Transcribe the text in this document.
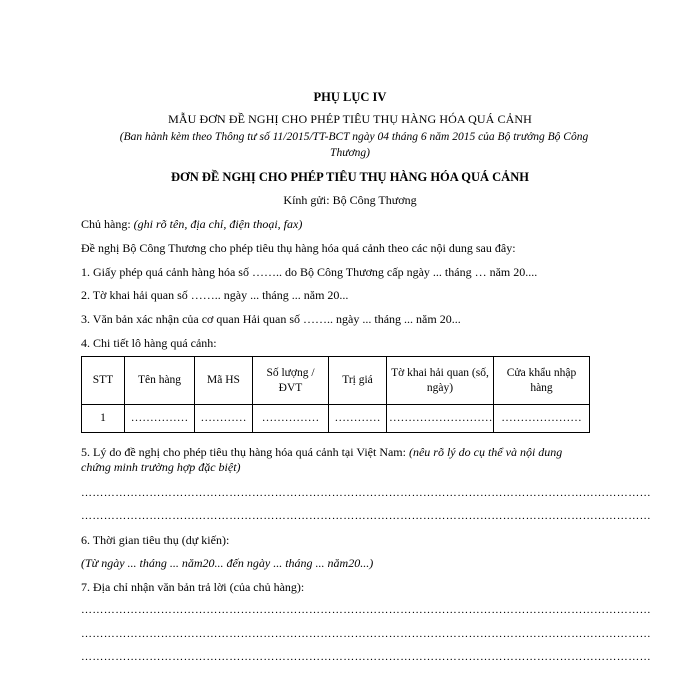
PHỤ LỤC IV
MẪU ĐƠN ĐỀ NGHỊ CHO PHÉP TIÊU THỤ HÀNG HÓA QUÁ CẢNH
(Ban hành kèm theo Thông tư số 11/2015/TT-BCT ngày 04 tháng 6 năm 2015 của Bộ trưởng Bộ Công
Thương)
ĐƠN ĐỀ NGHỊ CHO PHÉP TIÊU THỤ HÀNG HÓA QUÁ CẢNH
Kính gửi: Bộ Công Thương
Chủ hàng: (ghi rõ tên, địa chỉ, điện thoại, fax)
Đề nghị Bộ Công Thương cho phép tiêu thụ hàng hóa quá cảnh theo các nội dung sau đây:
1. Giấy phép quá cảnh hàng hóa số …….. do Bộ Công Thương cấp ngày ... tháng … năm 20....
2. Tờ khai hải quan số …….. ngày ... tháng ... năm 20...
3. Văn bản xác nhận của cơ quan Hải quan số …….. ngày ... tháng ... năm 20...
4. Chi tiết lô hàng quá cảnh:
STT	Tên hàng	Mã HS	Số lượng /ĐVT	Trị giá	Tờ khai hải quan (số, ngày)	Cửa khẩu nhập hàng
1	……………	…………	……………	…………	………………………	…………………
5. Lý do đề nghị cho phép tiêu thụ hàng hóa quá cảnh tại Việt Nam: (nêu rõ lý do cụ thể và nội dung
chứng minh trường hợp đặc biệt)
……………………………………………………………………………………………………………………………………
……………………………………………………………………………………………………………………………………
6. Thời gian tiêu thụ (dự kiến):
(Từ ngày ... tháng ... năm20... đến ngày ... tháng ... năm20...)
7. Địa chỉ nhận văn bản trả lời (của chủ hàng):
……………………………………………………………………………………………………………………………………
……………………………………………………………………………………………………………………………………
……………………………………………………………………………………………………………………………………
